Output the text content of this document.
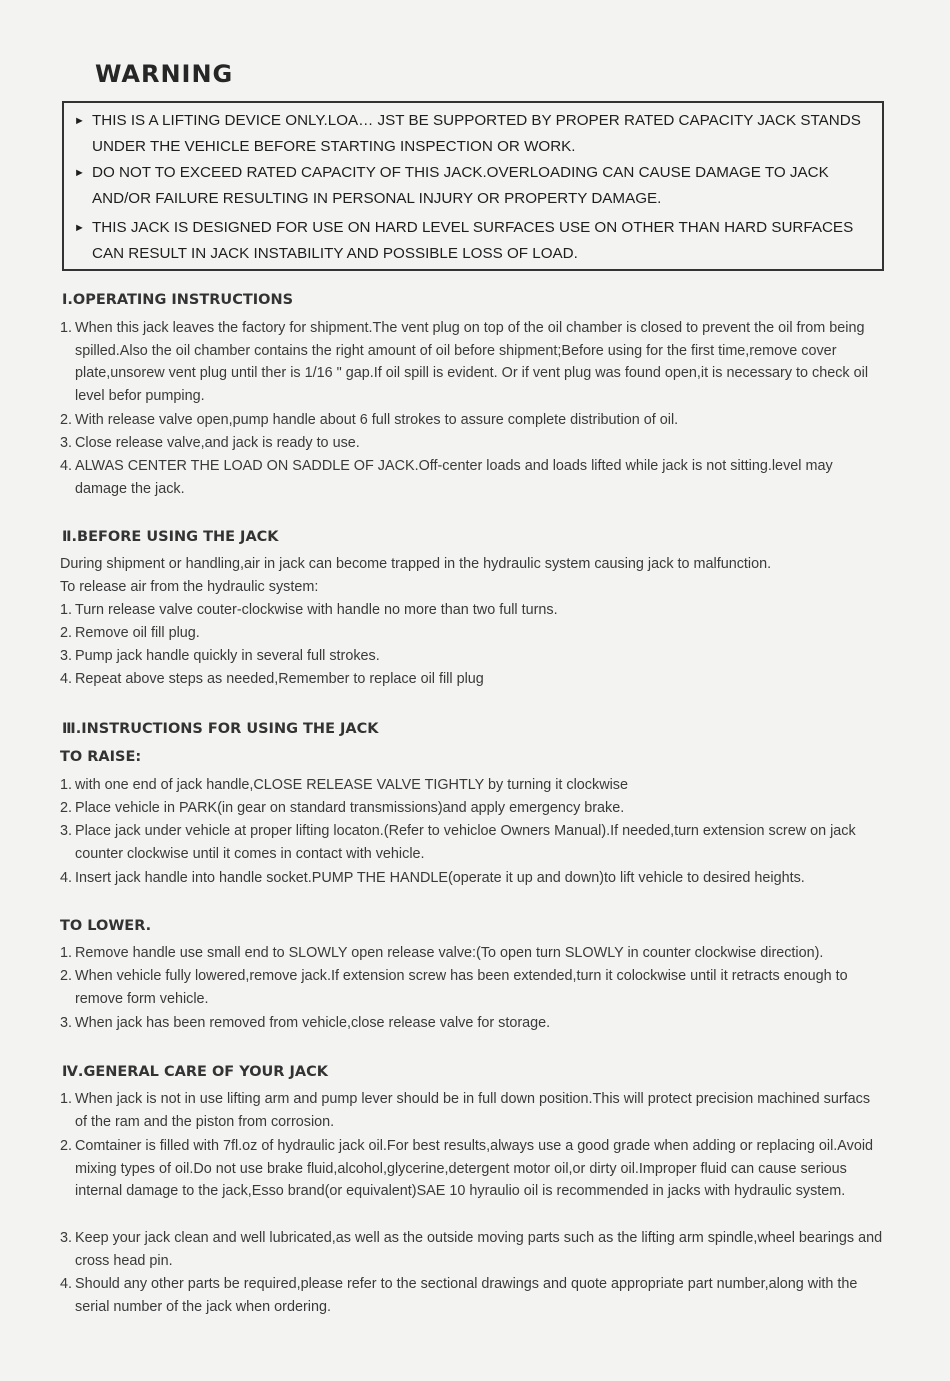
WARNING
► THIS IS A LIFTING DEVICE ONLY.LOA… JST BE SUPPORTED BY PROPER RATED CAPACITY JACK STANDS UNDER THE VEHICLE BEFORE STARTING INSPECTION OR WORK.
► DO NOT TO EXCEED RATED CAPACITY OF THIS JACK.OVERLOADING CAN CAUSE DAMAGE TO JACK AND/OR FAILURE RESULTING IN PERSONAL INJURY OR PROPERTY DAMAGE.
► THIS JACK IS DESIGNED FOR USE ON HARD LEVEL SURFACES USE ON OTHER THAN HARD SURFACES CAN RESULT IN JACK INSTABILITY AND POSSIBLE LOSS OF LOAD.
Ⅰ.OPERATING INSTRUCTIONS
1. When this jack leaves the factory for shipment.The vent plug on top of the oil chamber is closed to prevent the oil from being spilled.Also the oil chamber contains the right amount of oil before shipment;Before using for the first time,remove cover plate,unsorew vent plug until ther is 1/16 " gap.If oil spill is evident. Or if vent plug was found open,it is necessary to check oil level befor pumping.
2. With release valve open,pump handle about 6 full strokes to assure complete distribution of oil.
3. Close release valve,and jack is ready to use.
4. ALWAS CENTER THE LOAD ON SADDLE OF JACK.Off-center loads and loads lifted while jack is not sitting.level may damage the jack.
Ⅱ.BEFORE USING THE JACK
During shipment or handling,air in jack can become trapped in the hydraulic system causing jack to malfunction.
To release air from the hydraulic system:
1. Turn release valve couter-clockwise with handle no more than two full turns.
2. Remove oil fill plug.
3. Pump jack handle quickly in several full strokes.
4. Repeat above steps as needed,Remember to replace oil fill plug
Ⅲ.INSTRUCTIONS FOR USING THE JACK
TO RAISE:
1. with one end of jack handle,CLOSE RELEASE VALVE TIGHTLY by turning it clockwise
2. Place vehicle in PARK(in gear on standard transmissions)and apply emergency brake.
3. Place jack under vehicle at proper lifting locaton.(Refer to vehicloe Owners Manual).If needed,turn extension screw on jack counter clockwise until it comes in contact with vehicle.
4. Insert jack handle into handle socket.PUMP THE HANDLE(operate it up and down)to lift vehicle to desired heights.
TO LOWER.
1. Remove handle use small end to SLOWLY open release valve:(To open turn SLOWLY in counter clockwise direction).
2. When vehicle fully lowered,remove jack.If extension screw has been extended,turn it colockwise until it retracts enough to remove form vehicle.
3. When jack has been removed from vehicle,close release valve for storage.
Ⅳ.GENERAL CARE OF YOUR JACK
1. When jack is not in use lifting arm and pump lever should be in full down position.This will protect precision machined surfacs of the ram and the piston from corrosion.
2. Comtainer is filled with 7fl.oz of hydraulic jack oil.For best results,always use a good grade when adding or replacing oil.Avoid mixing types of oil.Do not use brake fluid,alcohol,glycerine,detergent motor oil,or dirty oil.Improper fluid can cause serious internal damage to the jack,Esso brand(or equivalent)SAE 10 hyraulio oil is recommended in jacks with hydraulic system.
3. Keep your jack clean and well lubricated,as well as the outside moving parts such as the lifting arm spindle,wheel bearings and cross head pin.
4. Should any other parts be required,please refer to the sectional drawings and quote appropriate part number,along with the serial number of the jack when ordering.
